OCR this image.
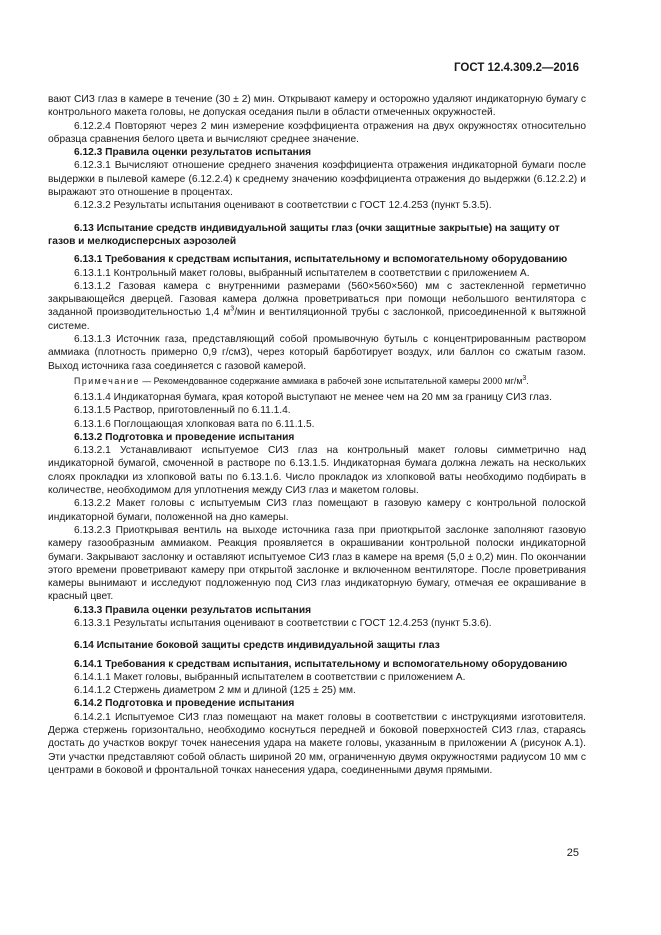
ГОСТ 12.4.309.2—2016

вают СИЗ глаз в камере в течение (30 ± 2) мин. Открывают камеру и осторожно удаляют индикаторную бумагу с контрольного макета головы, не допуская оседания пыли в области отмеченных окружностей.

6.12.2.4 Повторяют через 2 мин измерение коэффициента отражения на двух окружностях относительно образца сравнения белого цвета и вычисляют среднее значение.

6.12.3 Правила оценки результатов испытания

6.12.3.1 Вычисляют отношение среднего значения коэффициента отражения индикаторной бумаги после выдержки в пылевой камере (6.12.2.4) к среднему значению коэффициента отражения до выдержки (6.12.2.2) и выражают это отношение в процентах.

6.12.3.2 Результаты испытания оценивают в соответствии с ГОСТ 12.4.253 (пункт 5.3.5).

6.13 Испытание средств индивидуальной защиты глаз (очки защитные закрытые) на защиту от газов и мелкодисперсных аэрозолей

6.13.1 Требования к средствам испытания, испытательному и вспомогательному оборудованию

6.13.1.1 Контрольный макет головы, выбранный испытателем в соответствии с приложением А.

6.13.1.2 Газовая камера с внутренними размерами (560×560×560) мм с застекленной герметично закрывающейся дверцей. Газовая камера должна проветриваться при помощи небольшого вентилятора с заданной производительностью 1,4 $м^3$/мин и вентиляционной трубы с заслонкой, присоединенной к вытяжной системе.

6.13.1.3 Источник газа, представляющий собой промывочную бутыль с концентрированным раствором аммиака (плотность примерно 0,9 г/см3), через который барботирует воздух, или баллон со сжатым газом. Выход источника газа соединяется с газовой камерой.

Примечание — Рекомендованное содержание аммиака в рабочей зоне испытательной камеры 2000 $мг/м^3$.

6.13.1.4 Индикаторная бумага, края которой выступают не менее чем на 20 мм за границу СИЗ глаз.

6.13.1.5 Раствор, приготовленный по 6.11.1.4.

6.13.1.6 Поглощающая хлопковая вата по 6.11.1.5.

6.13.2 Подготовка и проведение испытания

6.13.2.1 Устанавливают испытуемое СИЗ глаз на контрольный макет головы симметрично над индикаторной бумагой, смоченной в растворе по 6.13.1.5. Индикаторная бумага должна лежать на нескольких слоях прокладки из хлопковой ваты по 6.13.1.6. Число прокладок из хлопковой ваты необходимо подбирать в количестве, необходимом для уплотнения между СИЗ глаз и макетом головы.

6.13.2.2 Макет головы с испытуемым СИЗ глаз помещают в газовую камеру с контрольной полоской индикаторной бумаги, положенной на дно камеры.

6.13.2.3 Приоткрывая вентиль на выходе источника газа при приоткрытой заслонке заполняют газовую камеру газообразным аммиаком. Реакция проявляется в окрашивании контрольной полоски индикаторной бумаги. Закрывают заслонку и оставляют испытуемое СИЗ глаз в камере на время (5,0 ± 0,2) мин. По окончании этого времени проветривают камеру при открытой заслонке и включенном вентиляторе. После проветривания камеры вынимают и исследуют подложенную под СИЗ глаз индикаторную бумагу, отмечая ее окрашивание в красный цвет.

6.13.3 Правила оценки результатов испытания

6.13.3.1 Результаты испытания оценивают в соответствии с ГОСТ 12.4.253 (пункт 5.3.6).

6.14 Испытание боковой защиты средств индивидуальной защиты глаз

6.14.1 Требования к средствам испытания, испытательному и вспомогательному оборудованию

6.14.1.1 Макет головы, выбранный испытателем в соответствии с приложением А.

6.14.1.2 Стержень диаметром 2 мм и длиной (125 ± 25) мм.

6.14.2 Подготовка и проведение испытания

6.14.2.1 Испытуемое СИЗ глаз помещают на макет головы в соответствии с инструкциями изготовителя. Держа стержень горизонтально, необходимо коснуться передней и боковой поверхностей СИЗ глаз, стараясь достать до участков вокруг точек нанесения удара на макете головы, указанным в приложении А (рисунок А.1). Эти участки представляют собой область шириной 20 мм, ограниченную двумя окружностями радиусом 10 мм с центрами в боковой и фронтальной точках нанесения удара, соединенными двумя прямыми.

25
